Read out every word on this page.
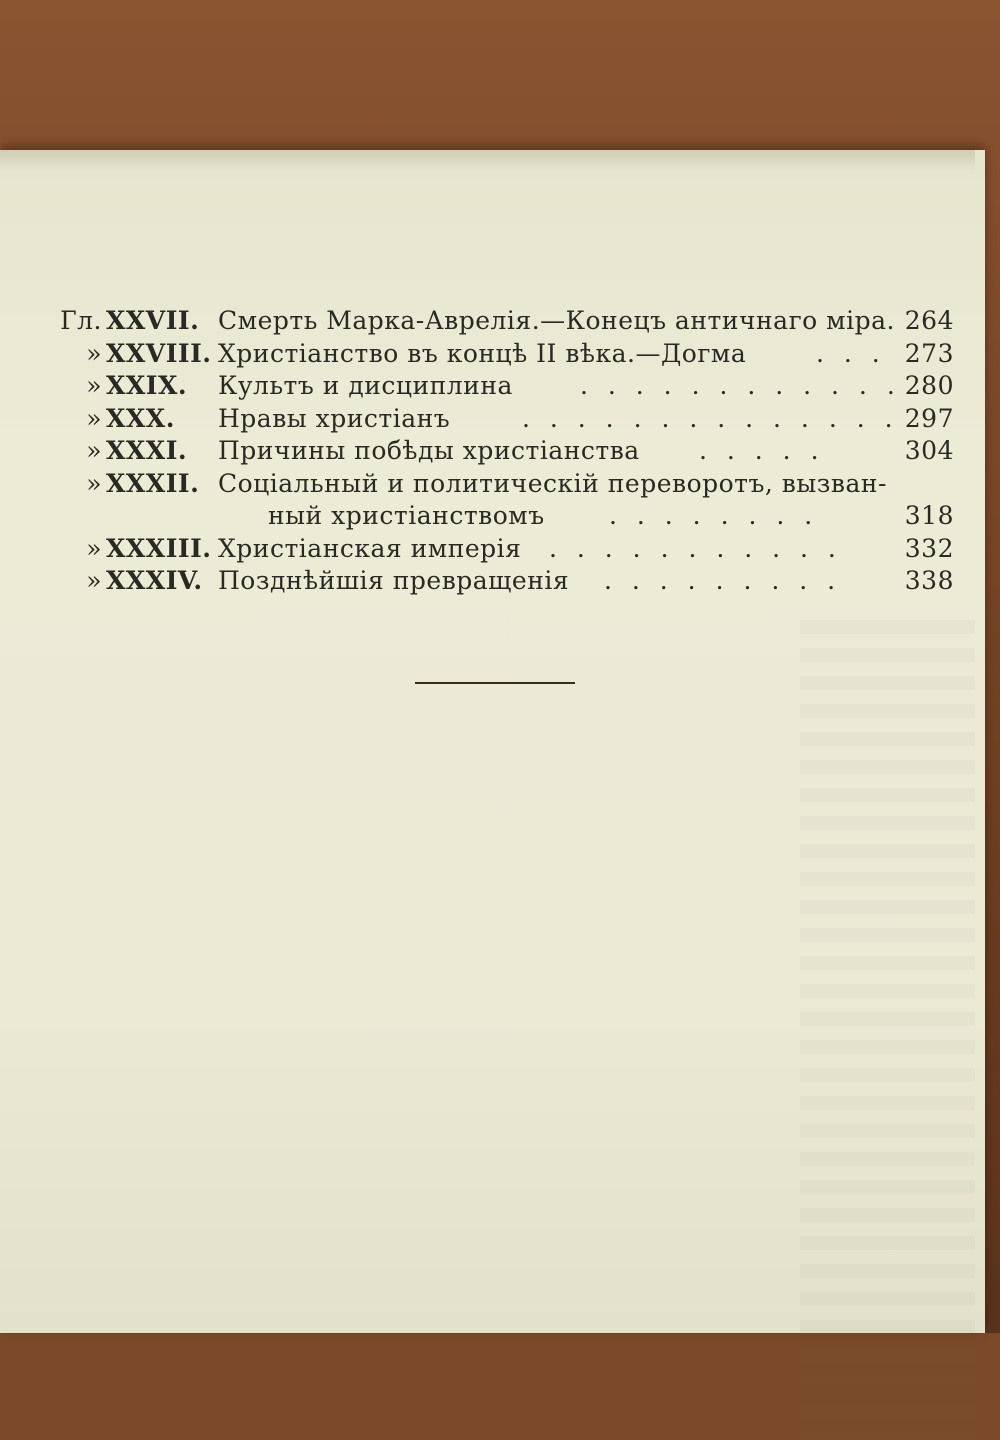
Гл. XXVII. Смерть Марка-Авpелiя.—Конецъ античнаго мiра. 264
» XXVIII. Христiанство въ концѣ II вѣка.—Догма	. . . 273
» XXIX.	Культъ и дисциплина	. . . . . . . . . . . . 280
» XXX.	Нравы христiанъ	. . . . . . . . . . . . . . 297
» XXXI.	Причины побѣды христiанства . . . . .	304
» XXXII. Соцiальный и политическiй переворотъ, вызван-
ный христiанствомъ	. . . . . . . .	318
» XXXIII. Христiанская имперiя . . . . . . . . . . .	332
» XXXIV. Позднѣйшiя превращенiя . . . . . . . . .	338
